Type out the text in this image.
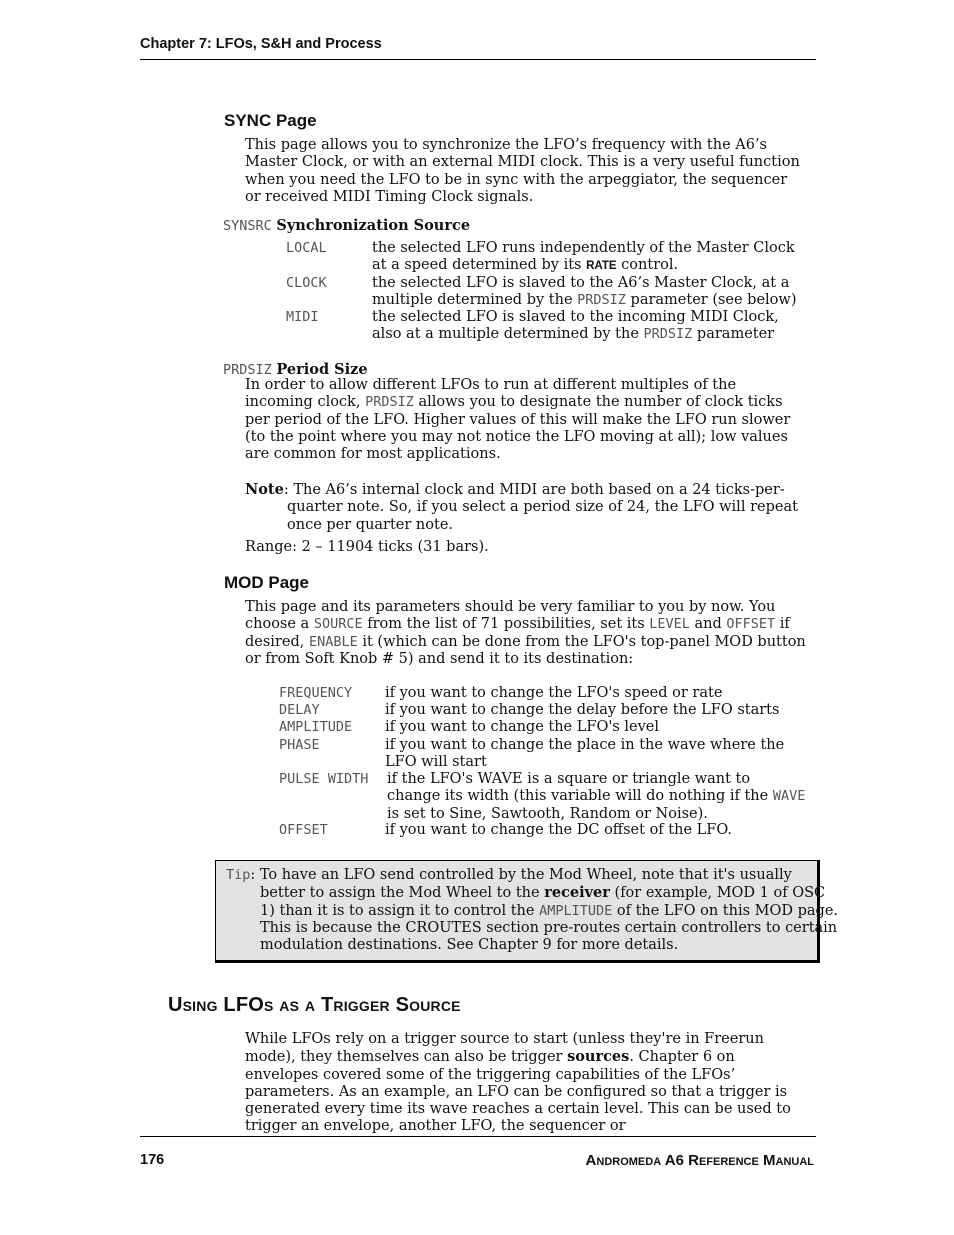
Chapter 7: LFOs, S&H and Process
SYNC Page
This page allows you to synchronize the LFO’s frequency with the A6’s Master Clock, or with an external MIDI clock. This is a very useful function when you need the LFO to be in sync with the arpeggiator, the sequencer or received MIDI Timing Clock signals.
SYNSRC Synchronization Source
LOCAL	the selected LFO runs independently of the Master Clock at a speed determined by its RATE control.
CLOCK	the selected LFO is slaved to the A6’s Master Clock, at a multiple determined by the PRDSIZ parameter (see below)
MIDI	the selected LFO is slaved to the incoming MIDI Clock, also at a multiple determined by the PRDSIZ parameter
PRDSIZ Period Size
In order to allow different LFOs to run at different multiples of the incoming clock, PRDSIZ allows you to designate the number of clock ticks per period of the LFO. Higher values of this will make the LFO run slower (to the point where you may not notice the LFO moving at all); low values are common for most applications.
Note: The A6’s internal clock and MIDI are both based on a 24 ticks-per-quarter note. So, if you select a period size of 24, the LFO will repeat once per quarter note.
Range: 2 – 11904 ticks (31 bars).
MOD Page
This page and its parameters should be very familiar to you by now. You choose a SOURCE from the list of 71 possibilities, set its LEVEL and OFFSET if desired, ENABLE it (which can be done from the LFO's top-panel MOD button or from Soft Knob # 5) and send it to its destination:
FREQUENCY if you want to change the LFO's speed or rate
DELAY	if you want to change the delay before the LFO starts
AMPLITUDE if you want to change the LFO's level
PHASE	if you want to change the place in the wave where the LFO will start
PULSE WIDTH if the LFO's WAVE is a square or triangle want to change its width (this variable will do nothing if the WAVE is set to Sine, Sawtooth, Random or Noise).
OFFSET	if you want to change the DC offset of the LFO.
Tip: To have an LFO send controlled by the Mod Wheel, note that it's usually better to assign the Mod Wheel to the receiver (for example, MOD 1 of OSC 1) than it is to assign it to control the AMPLITUDE of the LFO on this MOD page. This is because the CROUTES section pre-routes certain controllers to certain modulation destinations. See Chapter 9 for more details.
Using LFOs as a Trigger Source
While LFOs rely on a trigger source to start (unless they're in Freerun mode), they themselves can also be trigger sources. Chapter 6 on envelopes covered some of the triggering capabilities of the LFOs’ parameters. As an example, an LFO can be configured so that a trigger is generated every time its wave reaches a certain level. This can be used to trigger an envelope, another LFO, the sequencer or
176	Andromeda A6 Reference Manual
